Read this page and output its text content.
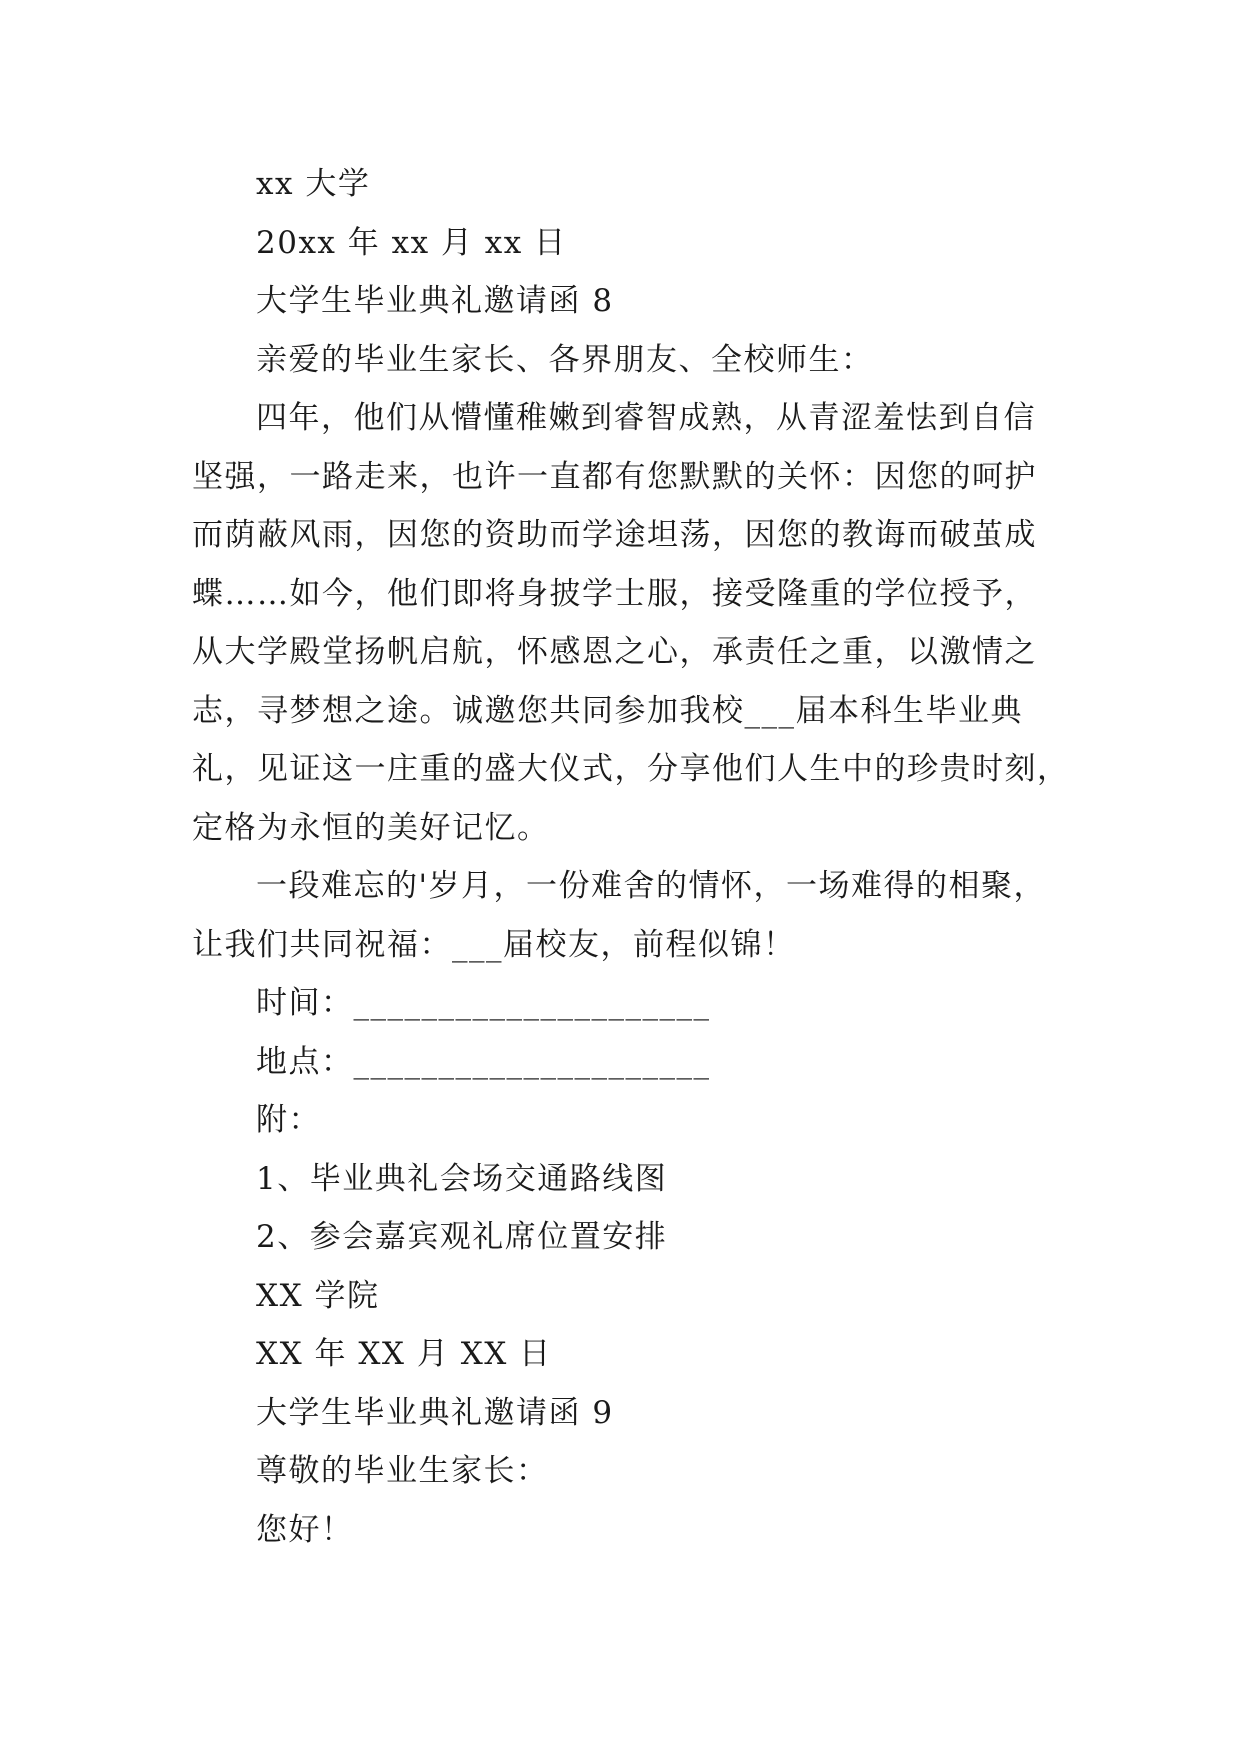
xx 大学
20xx 年 xx 月 xx 日
大学生毕业典礼邀请函 8
亲爱的毕业生家长、各界朋友、全校师生：
四年，他们从懵懂稚嫩到睿智成熟，从青涩羞怯到自信
坚强，一路走来，也许一直都有您默默的关怀：因您的呵护
而荫蔽风雨，因您的资助而学途坦荡，因您的教诲而破茧成
蝶……如今，他们即将身披学士服，接受隆重的学位授予，
从大学殿堂扬帆启航，怀感恩之心，承责任之重，以激情之
志，寻梦想之途。诚邀您共同参加我校___届本科生毕业典
礼，见证这一庄重的盛大仪式，分享他们人生中的珍贵时刻，
定格为永恒的美好记忆。
一段难忘的'岁月，一份难舍的情怀，一场难得的相聚，
让我们共同祝福：___届校友，前程似锦！
时间：_____________________
地点：_____________________
附：
1、毕业典礼会场交通路线图
2、参会嘉宾观礼席位置安排
XX 学院
XX 年 XX 月 XX 日
大学生毕业典礼邀请函 9
尊敬的毕业生家长：
您好！
